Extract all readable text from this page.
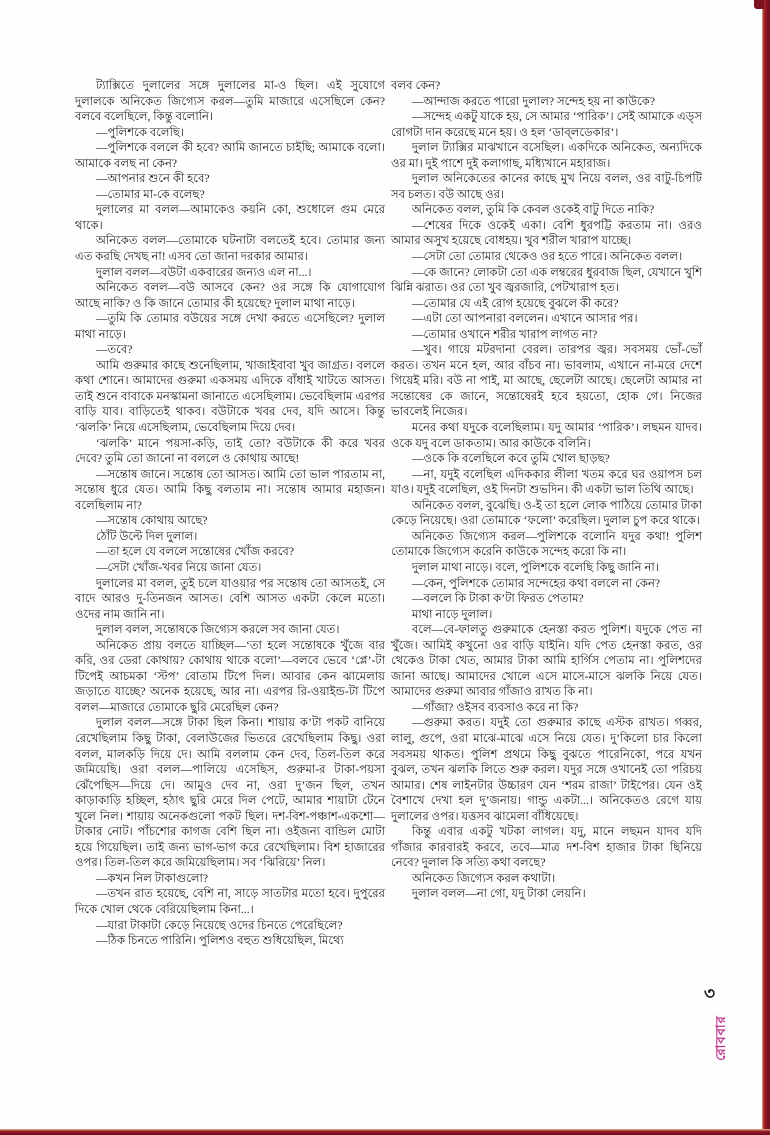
ট্যাক্সিতে দুলালের সঙ্গে দুলালের মা-ও ছিল। এই সুযোগে দুলালকে অনিকেত জিগ্যেস করল—তুমি মাজারে এসেছিলে কেন? বলবে বলেছিলে, কিন্তু বলোনি।

—পুলিশকে বলেছি।

—পুলিশকে বললে কী হবে? আমি জানতে চাইছি; আমাকে বলো। আমাকে বলছ না কেন?

—আপনার শুনে কী হবে?

—তোমার মা-কে বলেছ?

দুলালের মা বলল—আমাকেও কয়নি কো, শুধোলে গুম মেরে থাকে।

অনিকেত বলল—তোমাকে ঘটনাটা বলতেই হবে। তোমার জন্য এত করছি দেখছ না! এসব তো জানা দরকার আমার।

দুলাল বলল—বউটা একবারের জন্যও এল না...।

অনিকেত বলল—বউ আসবে কেন? ওর সঙ্গে কি যোগাযোগ আছে নাকি? ও কি জানে তোমার কী হয়েছে? দুলাল মাথা নাড়ে।

—তুমি কি তোমার বউয়ের সঙ্গে দেখা করতে এসেছিলে? দুলাল মাথা নাড়ে।

—তবে?

আমি গুরুমার কাছে শুনেছিলাম, খাজাইবাবা খুব জাগ্রত। বললে কথা শোনে। আমাদের গুরুমা একসময় এদিকে বাঁধাই খাটতে আসত। তাই শুনে বাবাকে মনস্কামনা জানাতে এসেছিলাম। ভেবেছিলাম এরপর বাড়ি যাব। বাড়িতেই থাকব। বউটাকে খবর দেব, যদি আসে। কিন্তু ‘ঝলকি’ নিয়ে এসেছিলাম, ভেবেছিলাম দিয়ে দেব।

‘ঝলকি’ মানে পয়সা-কড়ি, তাই তো? বউটাকে কী করে খবর দেবে? তুমি তো জানো না বললে ও কোথায় আছে!

—সন্তোষ জানে। সন্তোষ তো আসত। আমি তো ভাল পারতাম না, সন্তোষ ধুরে যেত। আমি কিছু বলতাম না। সন্তোষ আমার মহাজন। বলেছিলাম না?

—সন্তোষ কোথায় আছে?

ঠোঁট উল্টে দিল দুলাল।

—তা হলে যে বললে সন্তোষের খোঁজ করবে?

—সেটা খোঁজ-খবর নিয়ে জানা যেত।

দুলালের মা বলল, তুই চলে যাওয়ার পর সন্তোষ তো আসতই, সে বাদে আরও দু-তিনজন আসত। বেশি আসত একটা কেলে মতো। ওদের নাম জানি না।

দুলাল বলল, সন্তোষকে জিগ্যেস করলে সব জানা যেত।

অনিকেত প্রায় বলতে যাচ্ছিল—‘তা হলে সন্তোষকে খুঁজে বার করি, ওর ডেরা কোথায়? কোথায় থাকে বলো’—বলবে ভেবে ‘প্লে’-টা টিপেই আচমকা ‘স্টপ’ বোতাম টিপে দিল। আবার কেন ঝামেলায় জড়াতে যাচ্ছে? অনেক হয়েছে, আর না। এরপর রি-ওয়াইন্ড-টা টিপে বলল—মাজারে তোমাকে ছুরি মেরেছিল কেন?

দুলাল বলল—সঙ্গে টাকা ছিল কিনা। শায়ায় ক’টা পকট বানিয়ে রেখেছিলাম কিছু টাকা, বেলাউজের ভিতরে রেখেছিলাম কিছু। ওরা বলল, মালকড়ি দিয়ে দে। আমি বললাম কেন দেব, তিল-তিল করে জমিয়েছি। ওরা বলল—পালিয়ে এসেছিস, গুরুমা-র টাকা-পয়সা ঝেঁপেছিস—দিয়ে দে। আমুও দেব না, ওরা দু’জন ছিল, তখন কাড়াকাড়ি হচ্ছিল, হঠাৎ ছুরি মেরে দিল পেটে, আমার শায়াটা টেনে খুলে নিল। শায়ায় অনেকগুলো পকট ছিল। দশ-বিশ-পঞ্চাশ-একশো—টাকার নোট। পাঁচশোর কাগজ বেশি ছিল না। ওইজন্য বান্ডিল মোটা হয়ে গিয়েছিল। তাই জন্য ভাগ-ভাগ করে রেখেছিলাম। বিশ হাজারের ওপর। তিল-তিল করে জমিয়েছিলাম। সব ‘ঝিরিয়ে’ নিল।

—কখন নিল টাকাগুলো?

—তখন রাত হয়েছে, বেশি না, সাড়ে সাতটার মতো হবে। দুপুরের দিকে খোল থেকে বেরিয়েছিলাম কিনা...।

—যারা টাকাটা কেড়ে নিয়েছে ওদের চিনতে পেরেছিলে?

—ঠিক চিনতে পারিনি। পুলিশও বহুত শুধিয়েছিল, মিথ্যে

বলব কেন?

—আন্দাজ করতে পারো দুলাল? সন্দেহ হয় না কাউকে?

—সন্দেহ একটু যাকে হয়, সে আমার ‘পারিক’। সেই আমাকে এড্‌স রোগটা দান করেছে মনে হয়। ও হল ‘ডাব্‌লডেকার’।

দুলাল ট্যাক্সির মাঝখানে বসেছিল। একদিকে অনিকেত, অন্যদিকে ওর মা। দুই পাশে দুই কলাগাছ, মধ্যিখানে মহারাজ।

দুলাল অনিকেতের কানের কাছে মুখ নিয়ে বলল, ওর বাটু-চিপটি সব চলত। বউ আছে ওর।

অনিকেত বলল, তুমি কি কেবল ওকেই বাটু দিতে নাকি?

—শেষের দিকে ওকেই একা। বেশি ধুরপট্টি করতাম না। ওরও আমার অসুখ হয়েছে বোধহয়। খুব শরীল খারাপ যাচ্ছে।

—সেটা তো তোমার থেকেও ওর হতে পারে। অনিকেত বলল।

—কে জানে? লোকটা তো এক লম্বরের ধুরবাজ ছিল, যেখানে খুশি ঝিন্নি ঝরাত। ওর তো খুব জ্বরজারি, পেটখারাপ হত।

—তোমার যে এই রোগ হয়েছে বুঝলে কী করে?

—এটা তো আপনারা বললেন। এখানে আসার পর।

—তোমার ওখানে শরীর খারাপ লাগত না?

—খুব। গায়ে মটরদানা বেরল। তারপর জ্বর। সবসময় ভোঁ-ভোঁ করত। তখন মনে হল, আর বাঁচব না। ভাবলাম, এখানে না-মরে দেশে গিয়েই মরি। বউ না পাই, মা আছে, ছেলেটা আছে। ছেলেটা আমার না সন্তোষের কে জানে, সন্তোষেরই হবে হয়তো, হোক গে। নিজের ভাবলেই নিজের।

মনের কথা যদুকে বলেছিলাম। যদু আমার ‘পারিক’। লছমন যাদব। ওকে যদু বলে ডাকতাম। আর কাউকে বলিনি।

—ওকে কি বলেছিলে কবে তুমি খোল ছাড়ছ?

—না, যদুই বলেছিল এদিককার লীলা খতম করে ঘর ওয়াপস চল যাও। যদুই বলেছিল, ওই দিনটা শুভদিন। কী একটা ভাল তিথি আছে।

অনিকেত বলল, বুঝেছি। ও-ই তা হলে লোক পাঠিয়ে তোমার টাকা কেড়ে নিয়েছে। ওরা তোমাকে ‘ফলো’ করেছিল। দুলাল চুপ করে থাকে।

অনিকেত জিগ্যেস করল—পুলিশকে বলোনি যদুর কথা! পুলিশ তোমাকে জিগ্যেস করেনি কাউকে সন্দেহ করো কি না।

দুলাল মাথা নাড়ে। বলে, পুলিশকে বলেছি কিছু জানি না।

—কেন, পুলিশকে তোমার সন্দেহের কথা বললে না কেন?

—বললে কি টাকা ক’টা ফিরত পেতাম?

মাথা নাড়ে দুলাল।

বলে—বে-ফালতু গুরুমাকে হেনস্তা করত পুলিশ। যদুকে পেত না খুঁজে। আমিই কখুনো ওর বাড়ি যাইনি। যদি পেত হেনস্তা করত, ওর থেকেও টাকা খেত, আমার টাকা আমি হার্গিস পেতাম না। পুলিশদের জানা আছে। আমাদের খোলে এসে মাসে-মাসে ঝলকি নিয়ে যেত। আমাদের গুরুমা আবার গাঁজাও রাখত কি না।

—গাঁজা? ওইসব ব্যবসাও করে না কি?

—গুরুমা করত। যদুই তো গুরুমার কাছে এস্টক রাখত। গব্বর, লালু, গুপে, ওরা মাঝে-মাঝে এসে নিয়ে যেত। দু’কিলো চার কিলো সবসময় থাকত। পুলিশ প্রথমে কিছু বুঝতে পারেনিকো, পরে যখন বুঝল, তখন ঝলকি লিতে শুরু করল। যদুর সঙ্গে ওখানেই তো পরিচয় আমার। শেষ লাইনটার উচ্চারণ যেন ‘শরম রাজা’ টাইপের। যেন ওই বৈশাখে দেখা হল দু’জনায়। গান্ডু একটা...। অনিকেতও রেগে যায় দুলালের ওপর। যত্তসব ঝামেলা বাঁধিয়েছে।

কিন্তু এবার একটু খটকা লাগল। যদু, মানে লছমন যাদব যদি গাঁজার কারবারই করবে, তবে—মাত্র দশ-বিশ হাজার টাকা ছিনিয়ে নেবে? দুলাল কি সত্যি কথা বলছে?

অনিকেত জিগ্যেস করল কথাটা।

দুলাল বলল—না গো, যদু টাকা লেয়নি।

৩
রোববার
